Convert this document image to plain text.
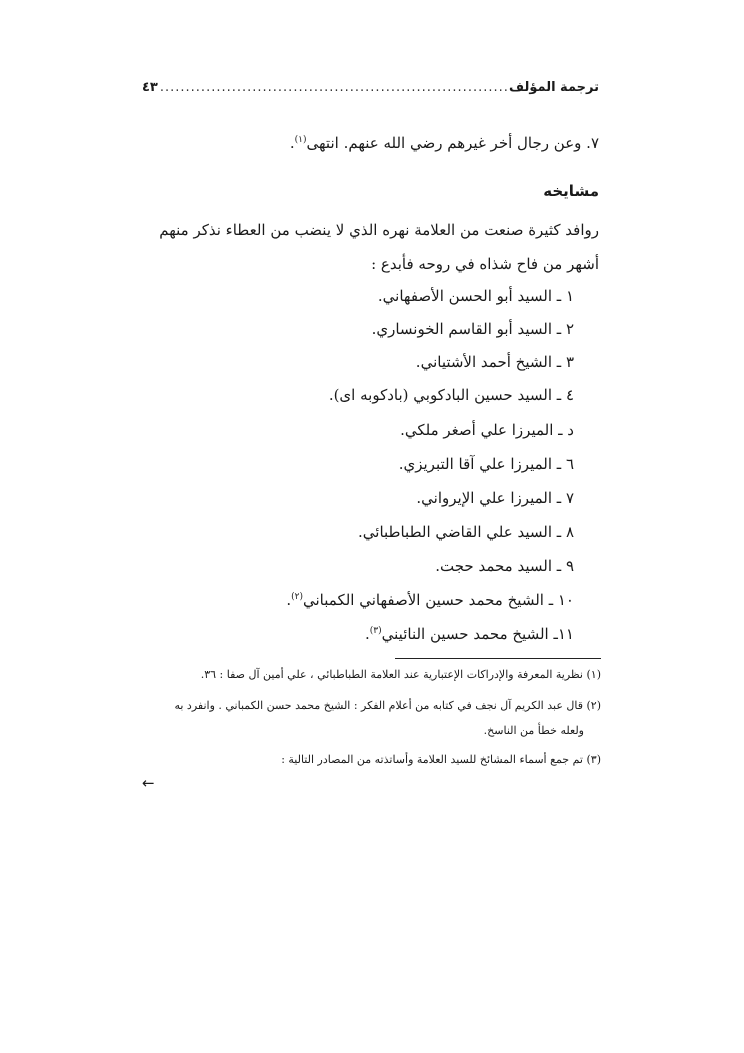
ترجمة المؤلف
.....
٤٣
٧. وعن رجال أخر غيرهم رضي الله عنهم. انتهى$^{(١)}$.
مشايخه
روافد كثيرة صنعت من العلامة نهره الذي لا ينضب من العطاء نذكر منهم
أشهر من فاح شذاه في روحه فأبدع :
١ ـ السيد أبو الحسن الأصفهاني.
٢ ـ السيد أبو القاسم الخونساري.
٣ ـ الشيخ أحمد الأشتياني.
٤ ـ السيد حسين البادكوبي (بادكوبه اى).
د ـ الميرزا علي أصغر ملكي.
٦ ـ الميرزا علي آقا التبريزي.
٧ ـ الميرزا علي الإيرواني.
٨ ـ السيد علي القاضي الطباطبائي.
٩ ـ السيد محمد حجت.
١٠ ـ الشيخ محمد حسين الأصفهاني الكمباني$^{(٢)}$.
١١ـ الشيخ محمد حسين النائيني$^{(٣)}$.
(١) نظرية المعرفة والإدراكات الإعتبارية عند العلامة الطباطبائي ، علي أمين آل صفا : ٣٦.
(٢) قال عبد الكريم آل نجف في كتابه من أعلام الفكر : الشيخ محمد حسن الكمباني . وانفرد به
ولعله خطأ من الناسخ.
(٣) تم جمع أسماء المشائخ للسيد العلامة وأساتذته من المصادر التالية :
←
